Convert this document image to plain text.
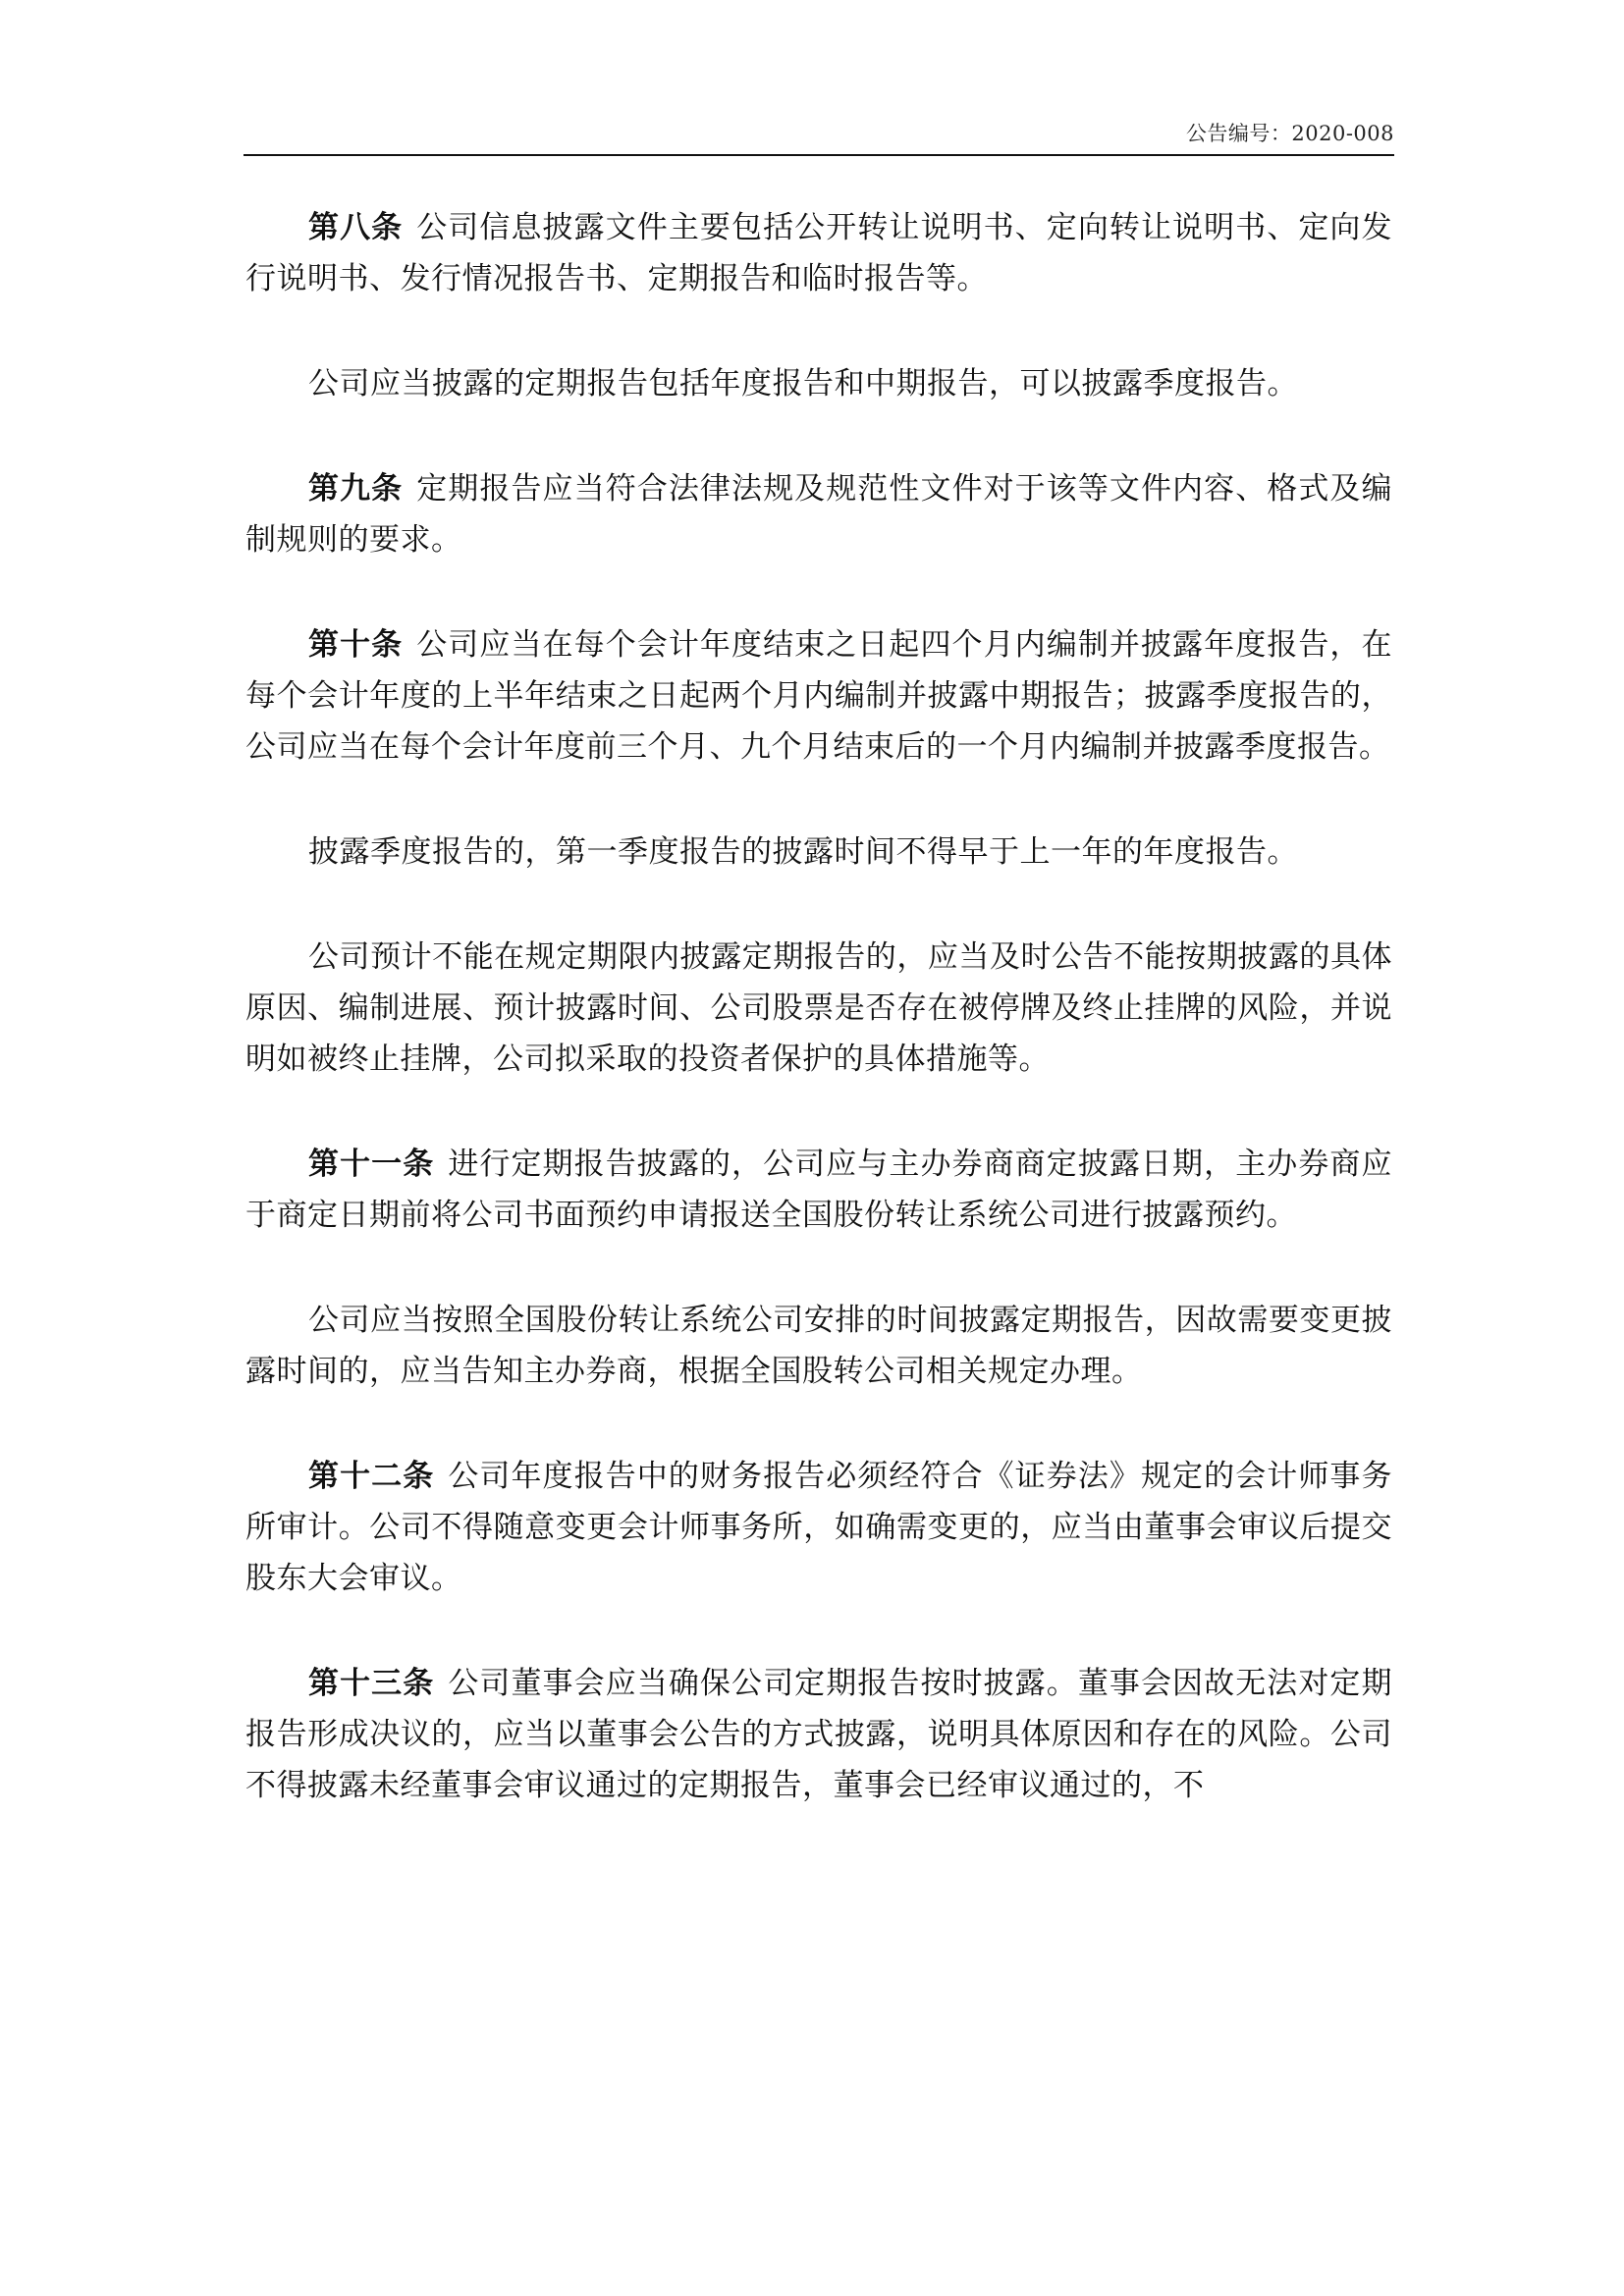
公告编号：2020-008

第八条 公司信息披露文件主要包括公开转让说明书、定向转让说明书、定向发行说明书、发行情况报告书、定期报告和临时报告等。

公司应当披露的定期报告包括年度报告和中期报告，可以披露季度报告。

第九条 定期报告应当符合法律法规及规范性文件对于该等文件内容、格式及编制规则的要求。

第十条 公司应当在每个会计年度结束之日起四个月内编制并披露年度报告，在每个会计年度的上半年结束之日起两个月内编制并披露中期报告；披露季度报告的，公司应当在每个会计年度前三个月、九个月结束后的一个月内编制并披露季度报告。

披露季度报告的，第一季度报告的披露时间不得早于上一年的年度报告。

公司预计不能在规定期限内披露定期报告的，应当及时公告不能按期披露的具体原因、编制进展、预计披露时间、公司股票是否存在被停牌及终止挂牌的风险，并说明如被终止挂牌，公司拟采取的投资者保护的具体措施等。

第十一条 进行定期报告披露的，公司应与主办券商商定披露日期，主办券商应于商定日期前将公司书面预约申请报送全国股份转让系统公司进行披露预约。

公司应当按照全国股份转让系统公司安排的时间披露定期报告，因故需要变更披露时间的，应当告知主办券商，根据全国股转公司相关规定办理。

第十二条 公司年度报告中的财务报告必须经符合《证券法》规定的会计师事务所审计。公司不得随意变更会计师事务所，如确需变更的，应当由董事会审议后提交股东大会审议。

第十三条 公司董事会应当确保公司定期报告按时披露。董事会因故无法对定期报告形成决议的，应当以董事会公告的方式披露，说明具体原因和存在的风险。公司不得披露未经董事会审议通过的定期报告，董事会已经审议通过的，不
